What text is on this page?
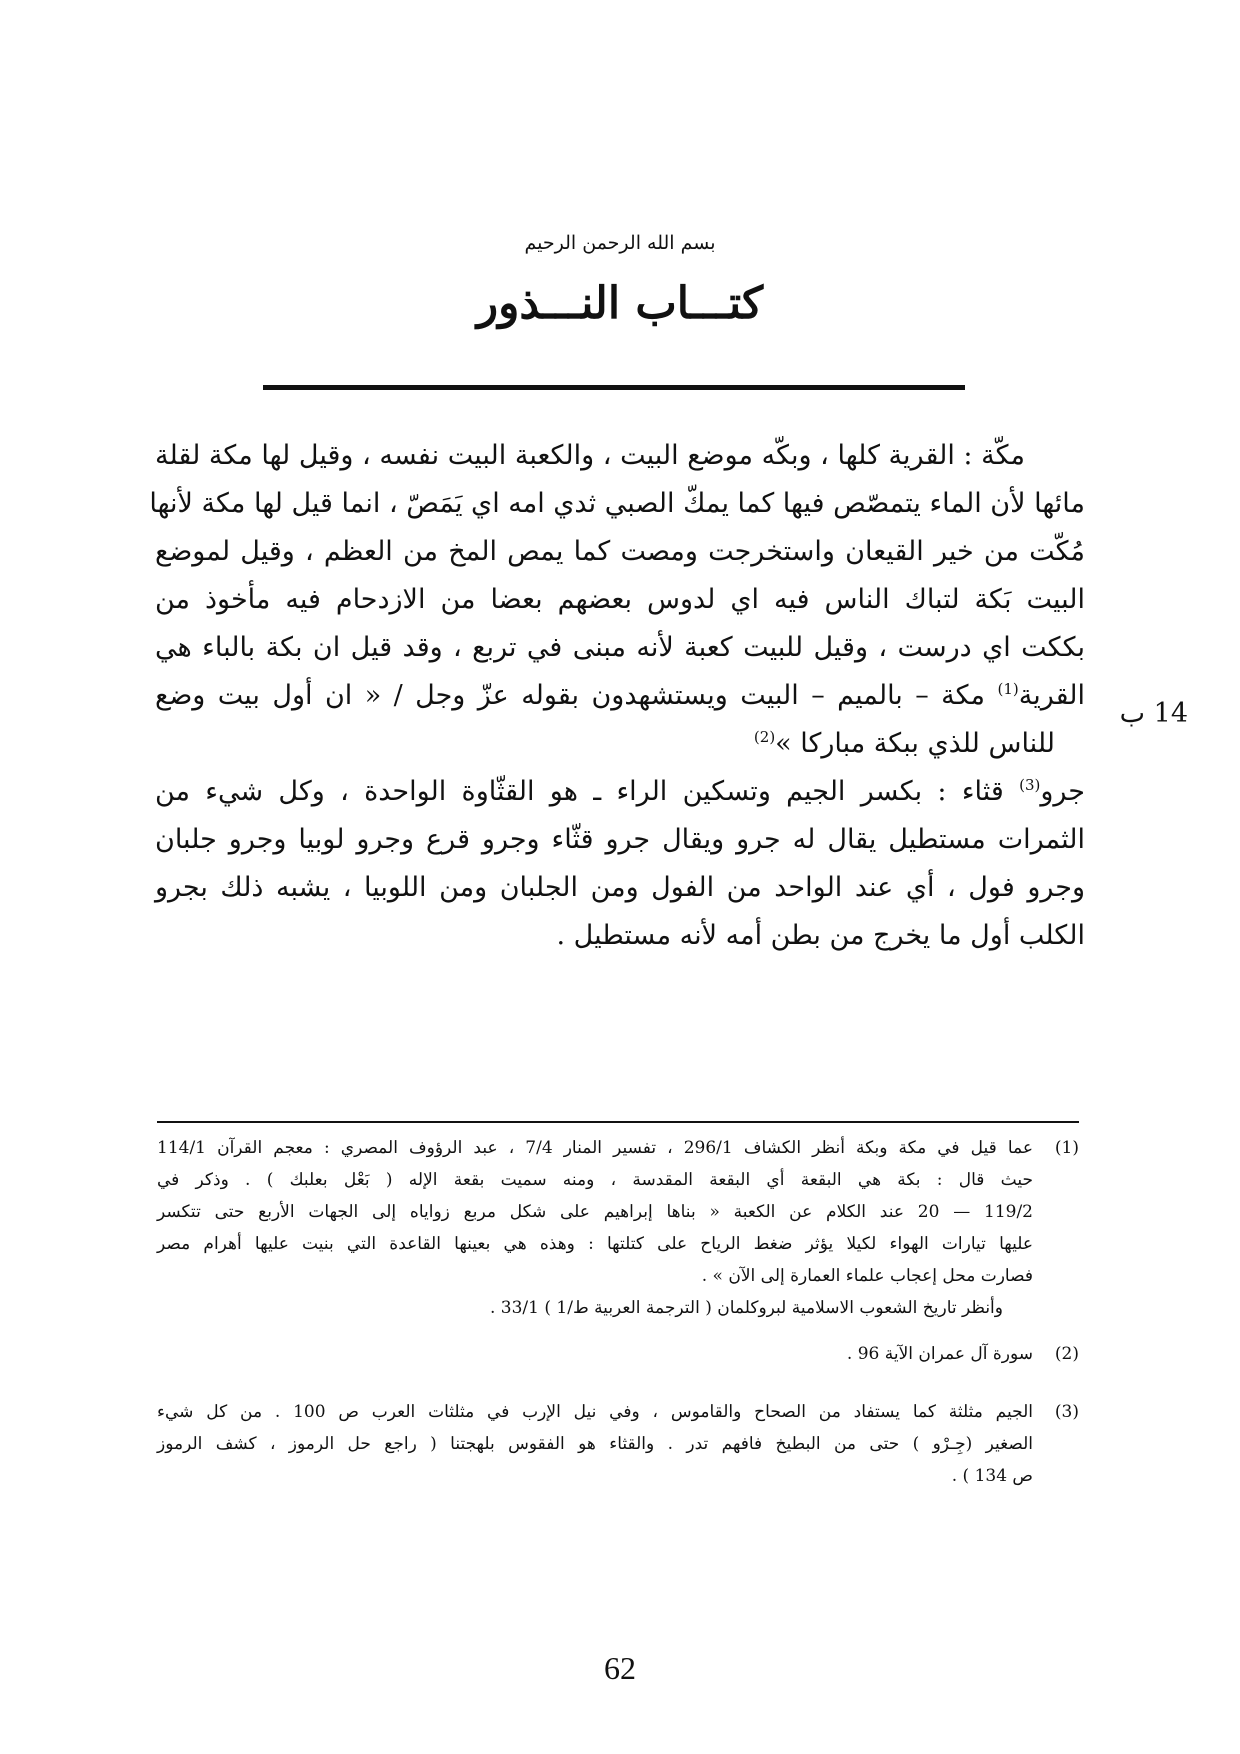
بسم الله الرحمن الرحيم
كتـــاب النـــذور
14 ب
مكّة : القرية كلها ، وبكّه موضع البيت ، والكعبة البيت نفسه ، وقيل لها مكة لقلة
مائها لأن الماء يتمصّص فيها كما يمكّ الصبي ثدي امه اي يَمَصّ ، انما قيل لها مكة لأنها
مُكّت من خير القيعان واستخرجت ومصت كما يمص المخ من العظم ، وقيل لموضع
البيت بَكة لتباك الناس فيه اي لدوس بعضهم بعضا من الازدحام فيه مأخوذ من
بككت اي درست ، وقيل للبيت كعبة لأنه مبنى في تربع ، وقد قيل ان بكة بالباء هي
القرية$^{(1)}$ مكة – بالميم – البيت ويستشهدون بقوله عزّ وجل / « ان أول بيت وضع
للناس للذي ببكة مباركا »$^{(2)}$
جرو$^{(3)}$ قثاء : بكسر الجيم وتسكين الراء ـ هو القثّاوة الواحدة ، وكل شيء من
الثمرات مستطيل يقال له جرو ويقال جرو قثّاء وجرو قرع وجرو لوبيا وجرو جلبان
وجرو فول ، أي عند الواحد من الفول ومن الجلبان ومن اللوبيا ، يشبه ذلك بجرو
الكلب أول ما يخرج من بطن أمه لأنه مستطيل .
(1)
عما قيل في مكة وبكة أنظر الكشاف 296/1 ، تفسير المنار 7/4 ، عبد الرؤوف المصري : معجم القرآن 114/1
حيث قال : بكة هي البقعة أي البقعة المقدسة ، ومنه سميت بقعة الإله ( بَعْل بعلبك ) . وذكر في
119/2 — 20 عند الكلام عن الكعبة « بناها إبراهيم على شكل مربع زواياه إلى الجهات الأربع حتى تتكسر
عليها تيارات الهواء لكيلا يؤثر ضغط الرياح على كتلتها : وهذه هي بعينها القاعدة التي بنيت عليها أهرام مصر
فصارت محل إعجاب علماء العمارة إلى الآن » .
وأنظر تاريخ الشعوب الاسلامية لبروكلمان ( الترجمة العربية ط/1 ) 33/1 .
(2)
سورة آل عمران الآية 96 .
(3)
الجيم مثلثة كما يستفاد من الصحاح والقاموس ، وفي نيل الإرب في مثلثات العرب ص 100 . من كل شيء
الصغير (جِـرْو ) حتى من البطيخ فافهم تدر . والقثاء هو الفقوس بلهجتنا ( راجع حل الرموز ، كشف الرموز
ص 134 ) .
62
